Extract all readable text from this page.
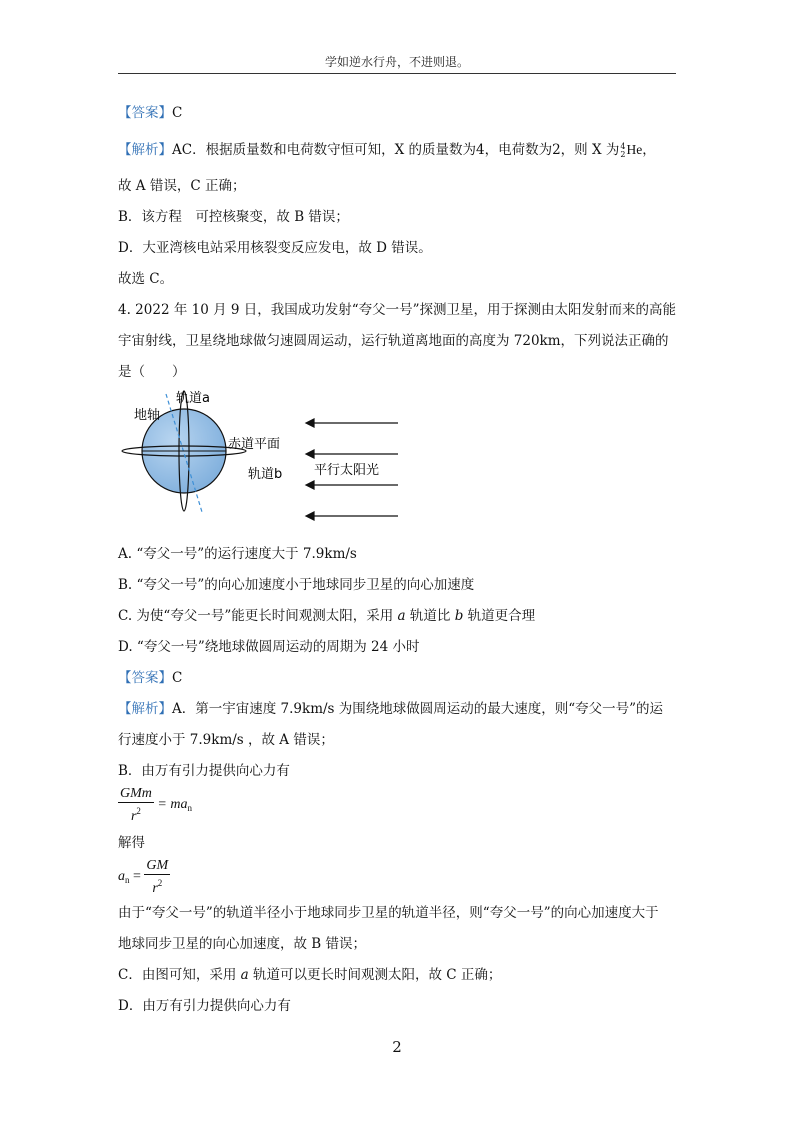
学如逆水行舟，不进则退。
【答案】C
【解析】AC．根据质量数和电荷数守恒可知，X 的质量数为4，电荷数为2，则 X 为4
2He，
故 A 错误，C 正确；
B．该方程　可控核聚变，故 B 错误；
D．大亚湾核电站采用核裂变反应发电，故 D 错误。
故选 C。
4. 2022 年 10 月 9 日，我国成功发射“夸父一号”探测卫星，用于探测由太阳发射而来的高能
宇宙射线，卫星绕地球做匀速圆周运动，运行轨道离地面的高度为 720km，下列说法正确的
是（　　）
轨道a
地轴
赤道平面
轨道b 平行太阳光
A. “夸父一号”的运行速度大于 7.9km/s
B. “夸父一号”的向心加速度小于地球同步卫星的向心加速度
C. 为使“夸父一号”能更长时间观测太阳，采用 a 轨道比 b 轨道更合理
D. “夸父一号”绕地球做圆周运动的周期为 24 小时
【答案】C
【解析】A．第一宇宙速度 7.9km/s 为围绕地球做圆周运动的最大速度，则“夸父一号”的运
行速度小于 7.9km/s ，故 A 错误；
B．由万有引力提供向心力有
$\frac{\text{GMm}}{r^2} = ma_n$
解得
$a_n = \frac{GM}{r^2}$
由于“夸父一号”的轨道半径小于地球同步卫星的轨道半径，则“夸父一号”的向心加速度大于
地球同步卫星的向心加速度，故 B 错误；
C．由图可知，采用 a 轨道可以更长时间观测太阳，故 C 正确；
D．由万有引力提供向心力有
2
